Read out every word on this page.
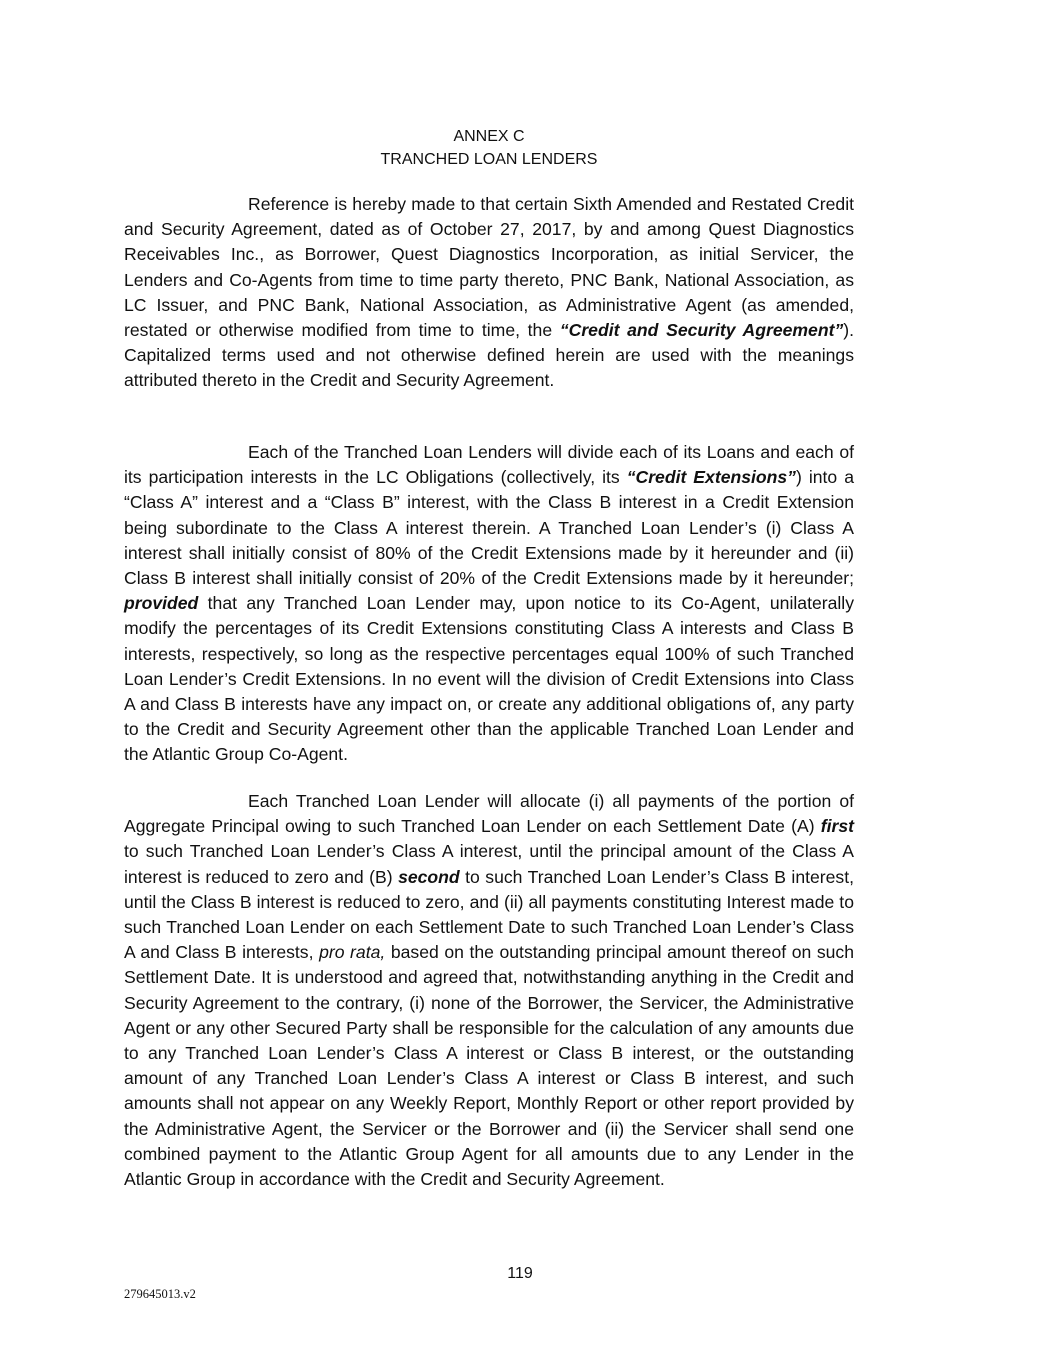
ANNEX C
TRANCHED LOAN LENDERS

Reference is hereby made to that certain Sixth Amended and Restated Credit and Security Agreement, dated as of October 27, 2017, by and among Quest Diagnostics Receivables Inc., as Borrower, Quest Diagnostics Incorporation, as initial Servicer, the Lenders and Co-Agents from time to time party thereto, PNC Bank, National Association, as LC Issuer, and PNC Bank, National Association, as Administrative Agent (as amended, restated or otherwise modified from time to time, the “Credit and Security Agreement”). Capitalized terms used and not otherwise defined herein are used with the meanings attributed thereto in the Credit and Security Agreement.

Each of the Tranched Loan Lenders will divide each of its Loans and each of its participation interests in the LC Obligations (collectively, its “Credit Extensions”) into a “Class A” interest and a “Class B” interest, with the Class B interest in a Credit Extension being subordinate to the Class A interest therein. A Tranched Loan Lender’s (i) Class A interest shall initially consist of 80% of the Credit Extensions made by it hereunder and (ii) Class B interest shall initially consist of 20% of the Credit Extensions made by it hereunder; provided that any Tranched Loan Lender may, upon notice to its Co-Agent, unilaterally modify the percentages of its Credit Extensions constituting Class A interests and Class B interests, respectively, so long as the respective percentages equal 100% of such Tranched Loan Lender’s Credit Extensions. In no event will the division of Credit Extensions into Class A and Class B interests have any impact on, or create any additional obligations of, any party to the Credit and Security Agreement other than the applicable Tranched Loan Lender and the Atlantic Group Co-Agent.

Each Tranched Loan Lender will allocate (i) all payments of the portion of Aggregate Principal owing to such Tranched Loan Lender on each Settlement Date (A) first to such Tranched Loan Lender’s Class A interest, until the principal amount of the Class A interest is reduced to zero and (B) second to such Tranched Loan Lender’s Class B interest, until the Class B interest is reduced to zero, and (ii) all payments constituting Interest made to such Tranched Loan Lender on each Settlement Date to such Tranched Loan Lender’s Class A and Class B interests, pro rata, based on the outstanding principal amount thereof on such Settlement Date. It is understood and agreed that, notwithstanding anything in the Credit and Security Agreement to the contrary, (i) none of the Borrower, the Servicer, the Administrative Agent or any other Secured Party shall be responsible for the calculation of any amounts due to any Tranched Loan Lender’s Class A interest or Class B interest, or the outstanding amount of any Tranched Loan Lender’s Class A interest or Class B interest, and such amounts shall not appear on any Weekly Report, Monthly Report or other report provided by the Administrative Agent, the Servicer or the Borrower and (ii) the Servicer shall send one combined payment to the Atlantic Group Agent for all amounts due to any Lender in the Atlantic Group in accordance with the Credit and Security Agreement.

119
279645013.v2
